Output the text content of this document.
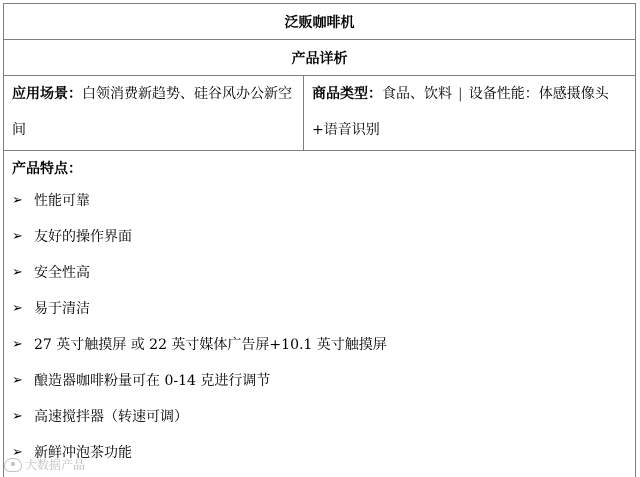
泛贩咖啡机
产品详析
应用场景：白领消费新趋势、硅谷风办公新空间	商品类型：食品、饮料 | 设备性能：体感摄像头+语音识别

产品特点：
➢ 性能可靠
➢ 友好的操作界面
➢ 安全性高
➢ 易于清洁
➢ 27 英寸触摸屏 或 22 英寸媒体广告屏+10.1 英寸触摸屏
➢ 酿造器咖啡粉量可在 0-14 克进行调节
➢ 高速搅拌器（转速可调）
➢ 新鲜冲泡茶功能
大数据产品
